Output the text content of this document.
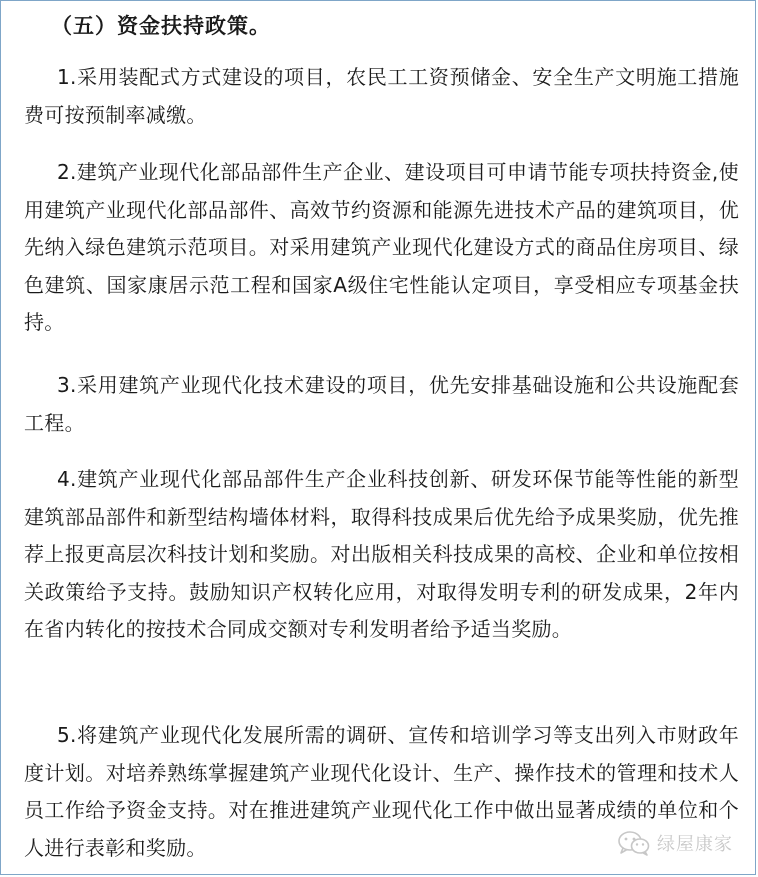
（五）资金扶持政策。

1.采用装配式方式建设的项目，农民工工资预储金、安全生产文明施工措施费可按预制率减缴。

2.建筑产业现代化部品部件生产企业、建设项目可申请节能专项扶持资金,使用建筑产业现代化部品部件、高效节约资源和能源先进技术产品的建筑项目，优先纳入绿色建筑示范项目。对采用建筑产业现代化建设方式的商品住房项目、绿色建筑、国家康居示范工程和国家A级住宅性能认定项目，享受相应专项基金扶持。

3.采用建筑产业现代化技术建设的项目，优先安排基础设施和公共设施配套工程。

4.建筑产业现代化部品部件生产企业科技创新、研发环保节能等性能的新型建筑部品部件和新型结构墙体材料，取得科技成果后优先给予成果奖励，优先推荐上报更高层次科技计划和奖励。对出版相关科技成果的高校、企业和单位按相关政策给予支持。鼓励知识产权转化应用，对取得发明专利的研发成果，2年内在省内转化的按技术合同成交额对专利发明者给予适当奖励。

5.将建筑产业现代化发展所需的调研、宣传和培训学习等支出列入市财政年度计划。对培养熟练掌握建筑产业现代化设计、生产、操作技术的管理和技术人员工作给予资金支持。对在推进建筑产业现代化工作中做出显著成绩的单位和个人进行表彰和奖励。	绿屋康家
